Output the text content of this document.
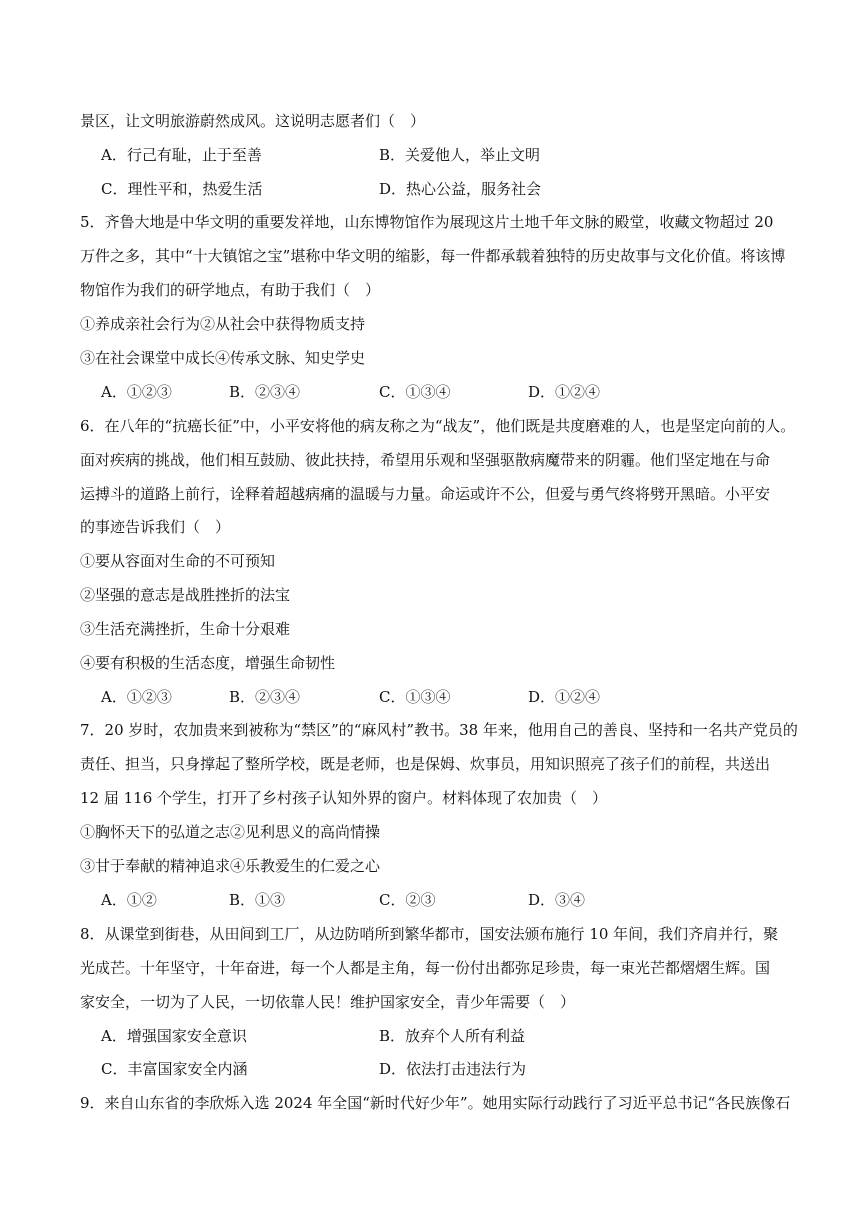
景区，让文明旅游蔚然成风。这说明志愿者们（　）
A．行己有耻，止于至善	B．关爱他人，举止文明
C．理性平和，热爱生活	D．热心公益，服务社会
5．齐鲁大地是中华文明的重要发祥地，山东博物馆作为展现这片土地千年文脉的殿堂，收藏文物超过 20
万件之多，其中“十大镇馆之宝”堪称中华文明的缩影，每一件都承载着独特的历史故事与文化价值。将该博
物馆作为我们的研学地点，有助于我们（　）
①养成亲社会行为②从社会中获得物质支持
③在社会课堂中成长④传承文脉、知史学史
A．①②③	B．②③④	C．①③④	D．①②④
6．在八年的“抗癌长征”中，小平安将他的病友称之为“战友”，他们既是共度磨难的人，也是坚定向前的人。
面对疾病的挑战，他们相互鼓励、彼此扶持，希望用乐观和坚强驱散病魔带来的阴霾。他们坚定地在与命
运搏斗的道路上前行，诠释着超越病痛的温暖与力量。命运或许不公，但爱与勇气终将劈开黑暗。小平安
的事迹告诉我们（　）
①要从容面对生命的不可预知
②坚强的意志是战胜挫折的法宝
③生活充满挫折，生命十分艰难
④要有积极的生活态度，增强生命韧性
A．①②③	B．②③④	C．①③④	D．①②④
7．20 岁时，农加贵来到被称为“禁区”的“麻风村”教书。38 年来，他用自己的善良、坚持和一名共产党员的
责任、担当，只身撑起了整所学校，既是老师，也是保姆、炊事员，用知识照亮了孩子们的前程，共送出
12 届 116 个学生，打开了乡村孩子认知外界的窗户。材料体现了农加贵（　）
①胸怀天下的弘道之志②见利思义的高尚情操
③甘于奉献的精神追求④乐教爱生的仁爱之心
A．①②	B．①③	C．②③	D．③④
8．从课堂到街巷，从田间到工厂，从边防哨所到繁华都市，国安法颁布施行 10 年间，我们齐肩并行，聚
光成芒。十年坚守，十年奋进，每一个人都是主角，每一份付出都弥足珍贵，每一束光芒都熠熠生辉。国
家安全，一切为了人民，一切依靠人民！维护国家安全，青少年需要（　）
A．增强国家安全意识	B．放弃个人所有利益
C．丰富国家安全内涵	D．依法打击违法行为
9．来自山东省的李欣烁入选 2024 年全国“新时代好少年”。她用实际行动践行了习近平总书记“各民族像石
